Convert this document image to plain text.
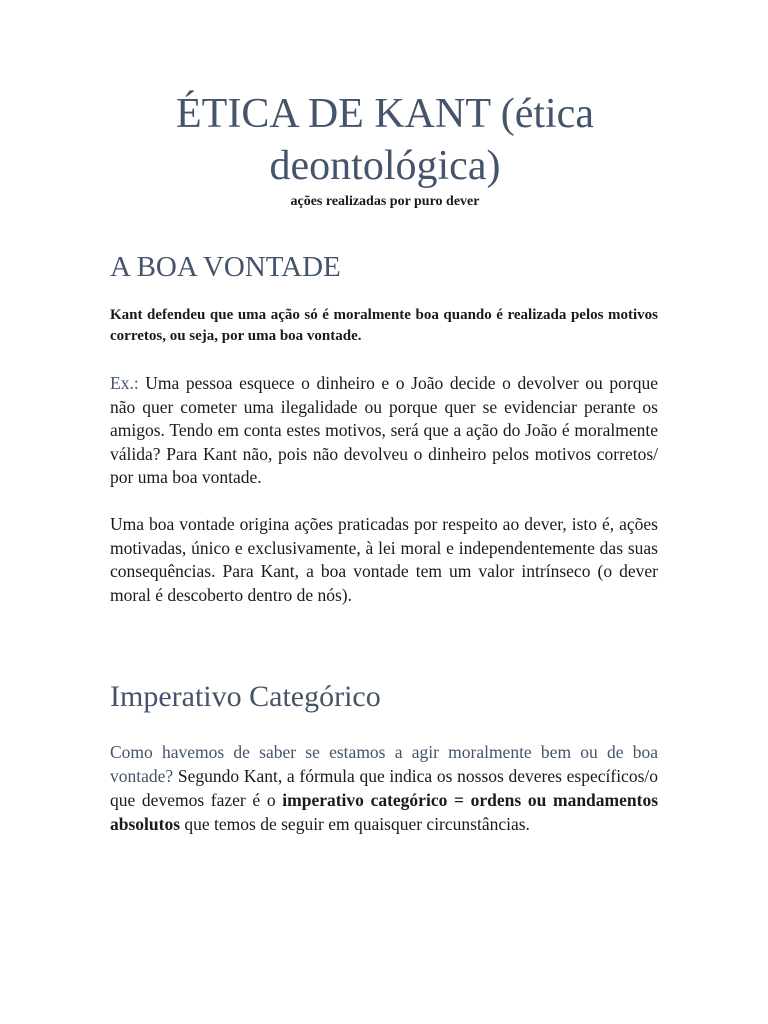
ÉTICA DE KANT (ética deontológica)

ações realizadas por puro dever

A BOA VONTADE

Kant defendeu que uma ação só é moralmente boa quando é realizada pelos motivos corretos, ou seja, por uma boa vontade.

Ex.: Uma pessoa esquece o dinheiro e o João decide o devolver ou porque não quer cometer uma ilegalidade ou porque quer se evidenciar perante os amigos. Tendo em conta estes motivos, será que a ação do João é moralmente válida? Para Kant não, pois não devolveu o dinheiro pelos motivos corretos/ por uma boa vontade.

Uma boa vontade origina ações praticadas por respeito ao dever, isto é, ações motivadas, único e exclusivamente, à lei moral e independentemente das suas consequências. Para Kant, a boa vontade tem um valor intrínseco (o dever moral é descoberto dentro de nós).

Imperativo Categórico

Como havemos de saber se estamos a agir moralmente bem ou de boa vontade? Segundo Kant, a fórmula que indica os nossos deveres específicos/o que devemos fazer é o imperativo categórico = ordens ou mandamentos absolutos que temos de seguir em quaisquer circunstâncias.
